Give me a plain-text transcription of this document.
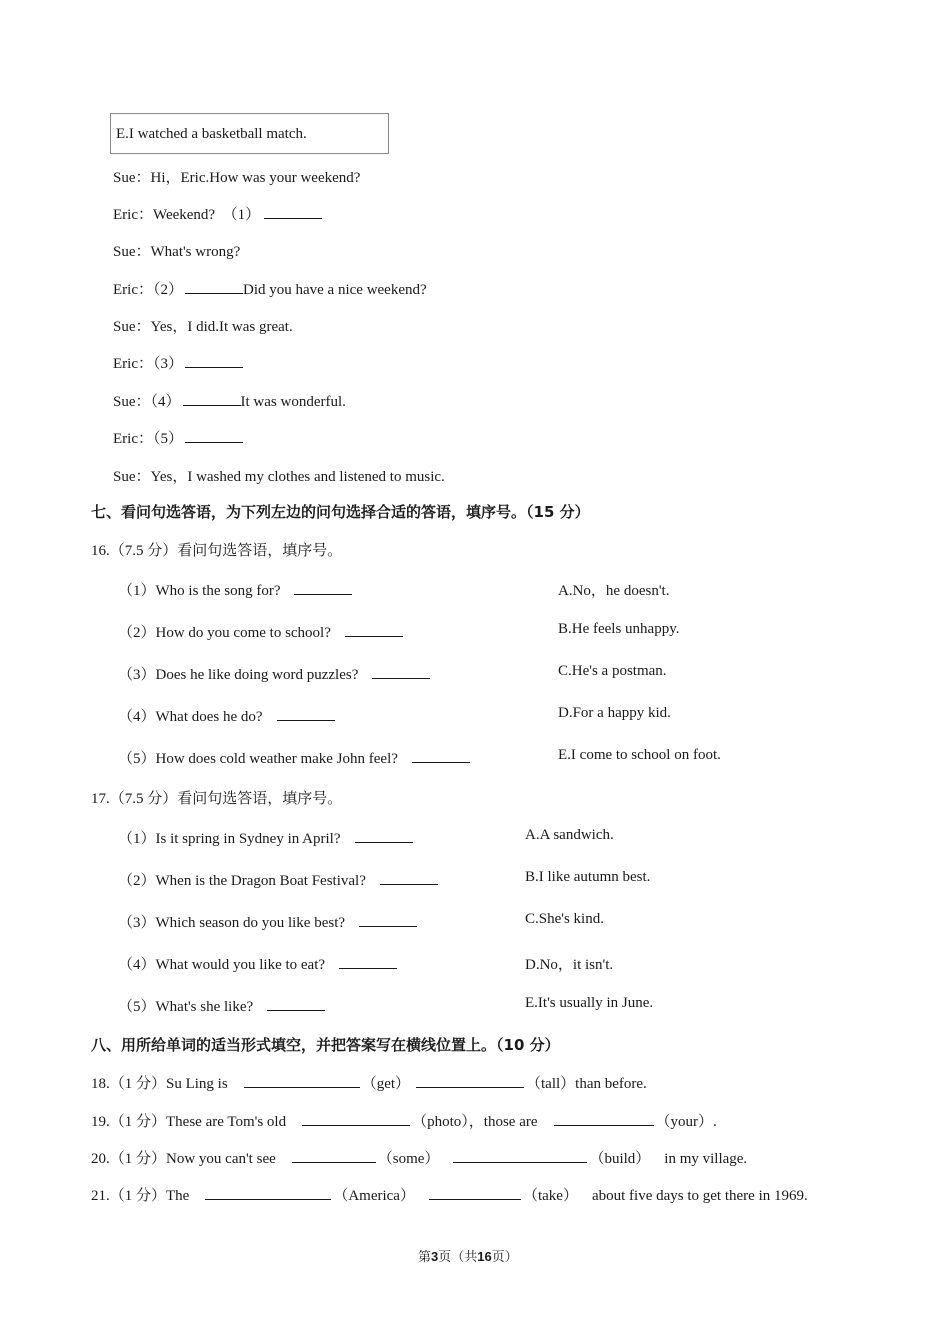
E.I watched a basketball match.
Sue：Hi，Eric.How was your weekend?
Eric：Weekend?　（1）
Sue：What's wrong?
Eric：（2）	Did you have a nice weekend?
Sue：Yes，I did.It was great.
Eric：（3）
Sue：（4）	It was wonderful.
Eric：（5）
Sue：Yes，I washed my clothes and listened to music.
七、看问句选答语，为下列左边的问句选择合适的答语，填序号。（15 分）
16.（7.5 分）看问句选答语，填序号。
（1）Who is the song for?
（2）How do you come to school?
（3）Does he like doing word puzzles?
（4）What does he do?
（5）How does cold weather make John feel?
A.No，he doesn't.
B.He feels unhappy.
C.He's a postman.
D.For a happy kid.
E.I come to school on foot.
17.（7.5 分）看问句选答语，填序号。
（1）Is it spring in Sydney in April?
（2）When is the Dragon Boat Festival?
（3）Which season do you like best?
（4）What would you like to eat?
（5）What's she like?
A.A sandwich.
B.I like autumn best.
C.She's kind.
D.No，it isn't.
E.It's usually in June.
八、用所给单词的适当形式填空，并把答案写在横线位置上。（10 分）
18.（1 分）Su Ling is	（get）	（tall）than before.
19.（1 分）These are Tom's old	（photo），those are	（your）.
20.（1 分）Now you can't see	（some）	（build） in my village.
21.（1 分）The	（America）	（take） about five days to get there in 1969.
第3页（共16页）
